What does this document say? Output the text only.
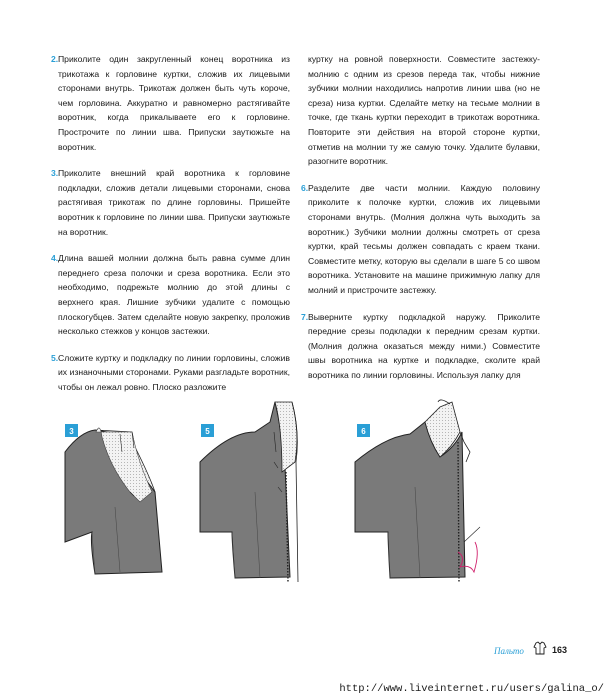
2. Приколите один закругленный конец воротника из трикотажа к горловине куртки, сложив их лицевыми сторонами внутрь. Трикотаж должен быть чуть короче, чем горловина. Аккуратно и равномерно растягивайте воротник, когда прикалываете его к горловине. Прострочите по линии шва. Припуски заутюжьте на воротник.
3. Приколите внешний край воротника к горловине подкладки, сложив детали лицевыми сторонами, снова растягивая трикотаж по длине горловины. Пришейте воротник к горловине по линии шва. Припуски заутюжьте на воротник.
4. Длина вашей молнии должна быть равна сумме длин переднего среза полочки и среза воротника. Если это необходимо, подрежьте молнию до этой длины с верхнего края. Лишние зубчики удалите с помощью плоскогубцев. Затем сделайте новую закрепку, проложив несколько стежков у концов застежки.
5. Сложите куртку и подкладку по линии горловины, сложив их изнаночными сторонами. Руками разгладьте воротник, чтобы он лежал ровно. Плоско разложите
куртку на ровной поверхности. Совместите застежку-молнию с одним из срезов переда так, чтобы нижние зубчики молнии находились напротив линии шва (но не среза) низа куртки. Сделайте метку на тесьме молнии в точке, где ткань куртки переходит в трикотаж воротника. Повторите эти действия на второй стороне куртки, отметив на молнии ту же самую точку. Удалите булавки, разогните воротник.
6. Разделите две части молнии. Каждую половину приколите к полочке куртки, сложив их лицевыми сторонами внутрь. (Молния должна чуть выходить за воротник.) Зубчики молнии должны смотреть от среза куртки, край тесьмы должен совпадать с краем ткани. Совместите метку, которую вы сделали в шаге 5 со швом воротника. Установите на машине прижимную лапку для молний и пристрочите застежку.
7. Выверните куртку подкладкой наружу. Приколите передние срезы подкладки к передним срезам куртки. (Молния должна оказаться между ними.) Совместите швы воротника на куртке и подкладке, сколите край воротника по линии горловины. Используя лапку для
3	5	6
Пальто	163
http://www.liveinternet.ru/users/galina_o/
